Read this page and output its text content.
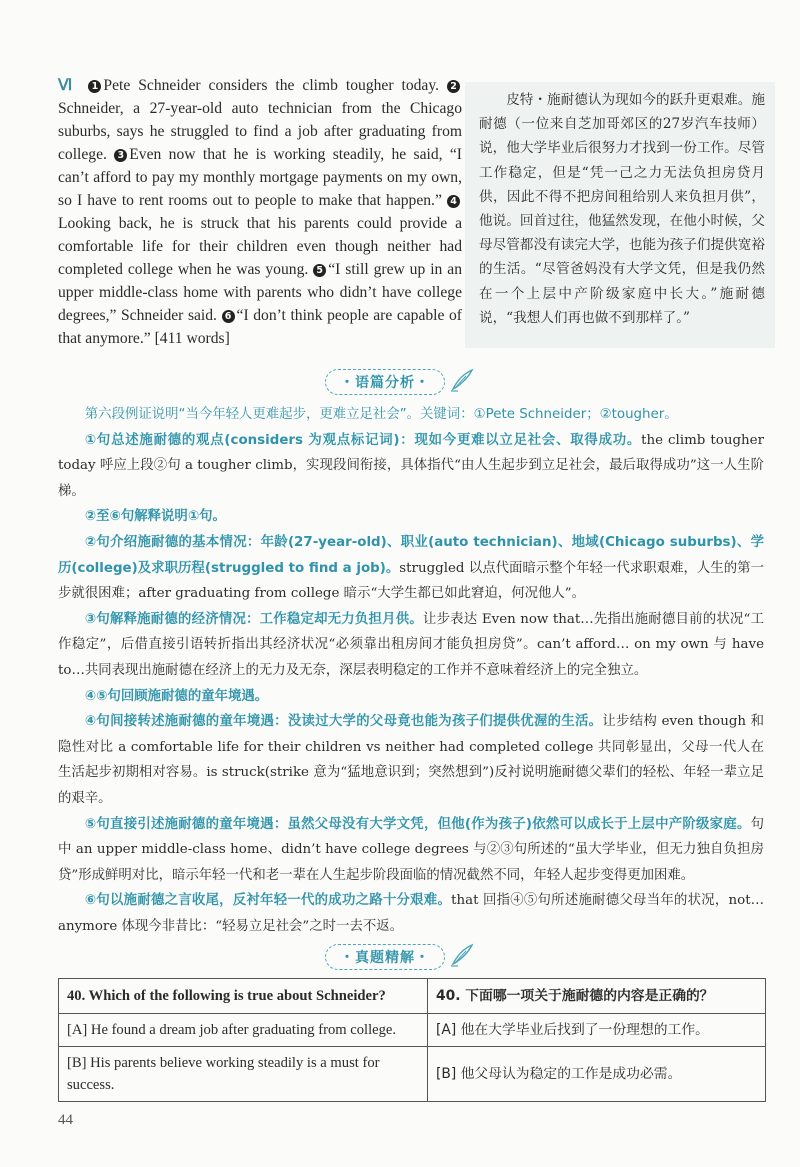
Ⅵ 1 Pete Schneider considers the climb tougher today. 2Schneider, a 27-year-old auto technician from the Chicago suburbs, says he struggled to find a job after graduating from college. 3 Even now that he is working steadily, he said, “I can’t afford to pay my monthly mortgage payments on my own, so I have to rent rooms out to people to make that happen.” 4Looking back, he is struck that his parents could provide a comfortable life for their children even though neither had completed college when he was young. 5 “I still grew up in an upper middle-class home with parents who didn’t have college degrees,” Schneider said. 6 “I don’t think people are capable of that anymore.” [411 words]
皮特・施耐德认为现如今的跃升更艰难。施耐德（一位来自芝加哥郊区的27岁汽车技师）说，他大学毕业后很努力才找到一份工作。尽管工作稳定，但是“凭一己之力无法负担房贷月供，因此不得不把房间租给别人来负担月供”，他说。回首过往，他猛然发现，在他小时候，父母尽管都没有读完大学，也能为孩子们提供宽裕的生活。“尽管爸妈没有大学文凭，但是我仍然在一个上层中产阶级家庭中长大。”施耐德说，“我想人们再也做不到那样了。”
・语篇分析・

第六段例证说明“当今年轻人更难起步，更难立足社会”。关键词：①Pete Schneider；②tougher。

①句总述施耐德的观点(considers 为观点标记词)：现如今更难以立足社会、取得成功。the climb tougher today 呼应上段②句 a tougher climb，实现段间衔接，具体指代“由人生起步到立足社会，最后取得成功”这一人生阶梯。

②至⑥句解释说明①句。

②句介绍施耐德的基本情况：年龄(27-year-old)、职业(auto technician)、地域(Chicago suburbs)、学历(college)及求职历程(struggled to find a job)。struggled 以点代面暗示整个年轻一代求职艰难，人生的第一步就很困难；after graduating from college 暗示“大学生都已如此窘迫，何况他人”。

③句解释施耐德的经济情况：工作稳定却无力负担月供。让步表达 Even now that…先指出施耐德目前的状况“工作稳定”，后借直接引语转折指出其经济状况“必须靠出租房间才能负担房贷”。can’t afford… on my own 与 have to…共同表现出施耐德在经济上的无力及无奈，深层表明稳定的工作并不意味着经济上的完全独立。

④⑤句回顾施耐德的童年境遇。

④句间接转述施耐德的童年境遇：没读过大学的父母竟也能为孩子们提供优渥的生活。让步结构 even though 和隐性对比 a comfortable life for their children vs neither had completed college 共同彰显出，父母一代人在生活起步初期相对容易。is struck(strike 意为“猛地意识到；突然想到”)反衬说明施耐德父辈们的轻松、年轻一辈立足的艰辛。

⑤句直接引述施耐德的童年境遇：虽然父母没有大学文凭，但他(作为孩子)依然可以成长于上层中产阶级家庭。句中 an upper middle-class home、didn’t have college degrees 与②③句所述的“虽大学毕业，但无力独自负担房贷”形成鲜明对比，暗示年轻一代和老一辈在人生起步阶段面临的情况截然不同，年轻人起步变得更加困难。

⑥句以施耐德之言收尾，反衬年轻一代的成功之路十分艰难。that 回指④⑤句所述施耐德父母当年的状况，not…anymore 体现今非昔比：“轻易立足社会”之时一去不返。

・真题精解・
40. Which of the following is true about Schneider?	40. 下面哪一项关于施耐德的内容是正确的？
[A] He found a dream job after graduating from college.	[A] 他在大学毕业后找到了一份理想的工作。
[B] His parents believe working steadily is a must for success.	[B] 他父母认为稳定的工作是成功必需。
44
